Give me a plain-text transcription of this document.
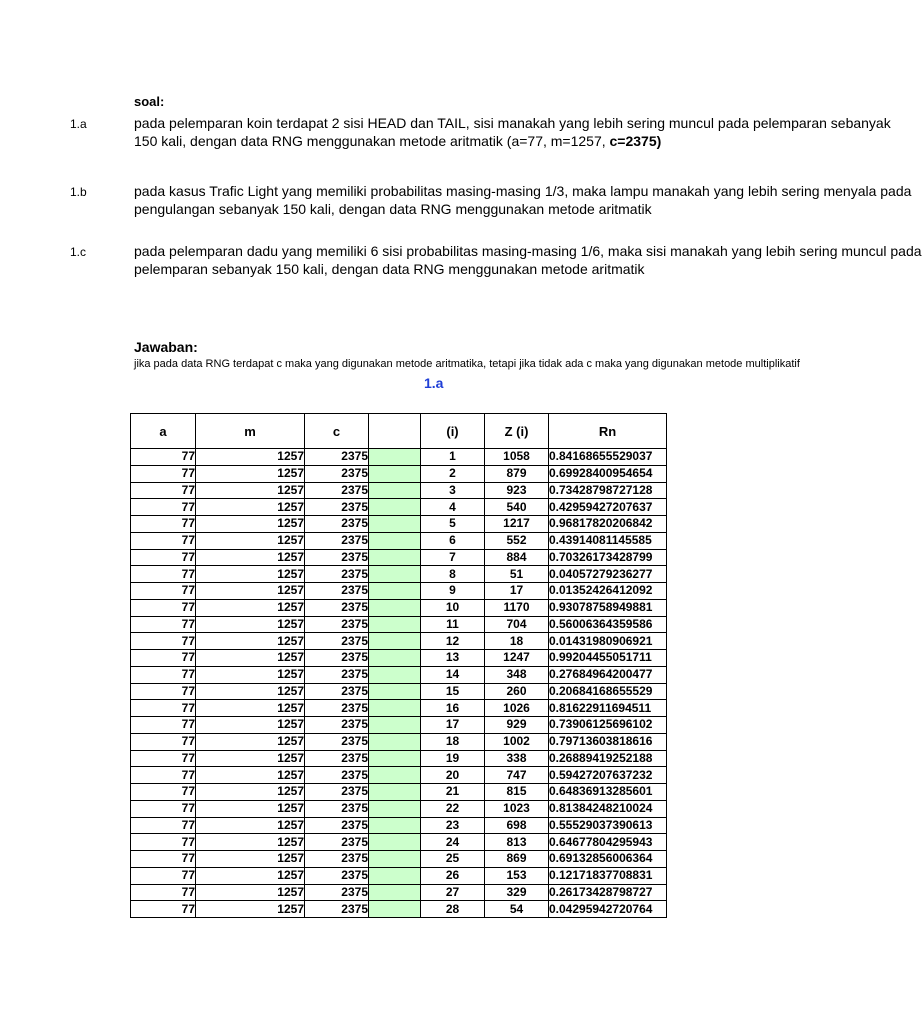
soal:
1.a	pada pelemparan koin terdapat 2 sisi HEAD dan TAIL, sisi manakah yang lebih sering muncul pada pelemparan sebanyak
150 kali, dengan data RNG menggunakan metode aritmatik (a=77, m=1257, c=2375)
1.b	pada kasus Trafic Light yang memiliki probabilitas masing-masing 1/3, maka lampu manakah yang lebih sering menyala pada
pengulangan sebanyak 150 kali, dengan data RNG menggunakan metode aritmatik
1.c	pada pelemparan dadu yang memiliki 6 sisi probabilitas masing-masing 1/6, maka sisi manakah yang lebih sering muncul pada
pelemparan sebanyak 150 kali, dengan data RNG menggunakan metode aritmatik
Jawaban:
jika pada data RNG terdapat c maka yang digunakan metode aritmatika, tetapi jika tidak ada c maka yang digunakan metode multiplikatif
1.a
a	m	c		(i)	Z (i)	Rn
77	1257	2375		1	1058	0.84168655529037
77	1257	2375		2	879	0.69928400954654
77	1257	2375		3	923	0.73428798727128
77	1257	2375		4	540	0.42959427207637
77	1257	2375		5	1217	0.96817820206842
77	1257	2375		6	552	0.43914081145585
77	1257	2375		7	884	0.70326173428799
77	1257	2375		8	51	0.04057279236277
77	1257	2375		9	17	0.01352426412092
77	1257	2375		10	1170	0.93078758949881
77	1257	2375		11	704	0.56006364359586
77	1257	2375		12	18	0.01431980906921
77	1257	2375		13	1247	0.99204455051711
77	1257	2375		14	348	0.27684964200477
77	1257	2375		15	260	0.20684168655529
77	1257	2375		16	1026	0.81622911694511
77	1257	2375		17	929	0.73906125696102
77	1257	2375		18	1002	0.79713603818616
77	1257	2375		19	338	0.26889419252188
77	1257	2375		20	747	0.59427207637232
77	1257	2375		21	815	0.64836913285601
77	1257	2375		22	1023	0.81384248210024
77	1257	2375		23	698	0.55529037390613
77	1257	2375		24	813	0.64677804295943
77	1257	2375		25	869	0.69132856006364
77	1257	2375		26	153	0.12171837708831
77	1257	2375		27	329	0.26173428798727
77	1257	2375		28	54	0.04295942720764
